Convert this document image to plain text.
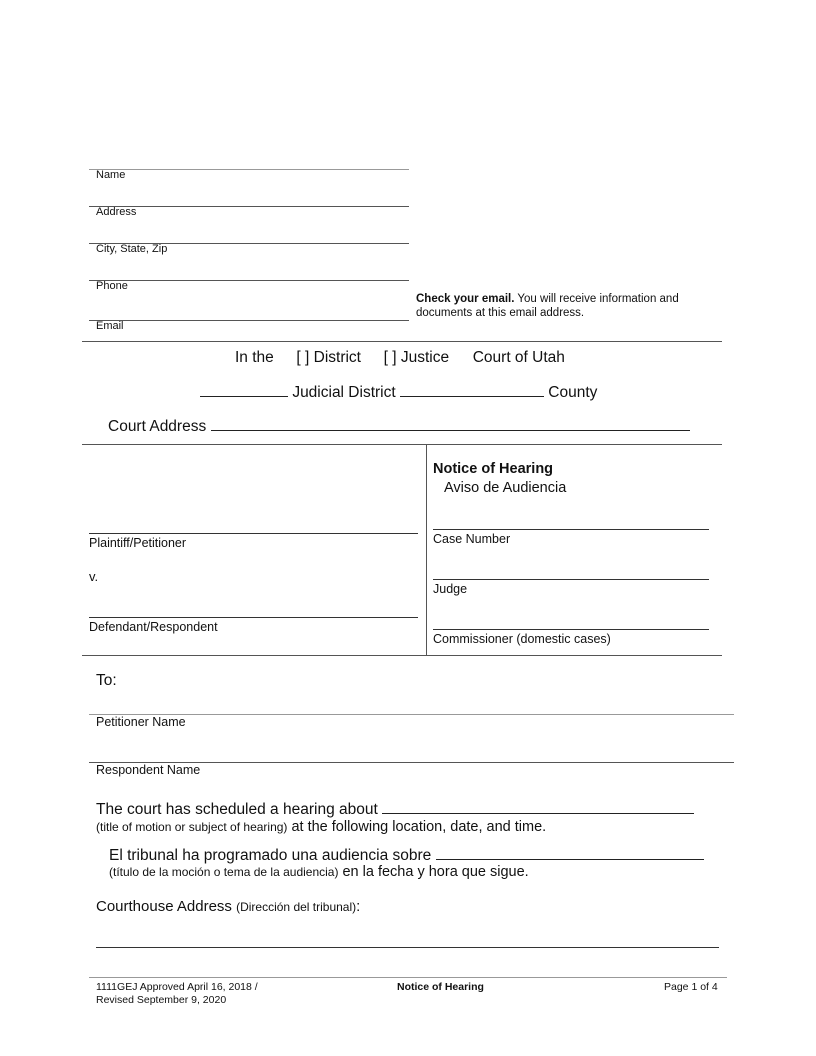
Name
Address
City, State, Zip
Phone
Email
Check your email. You will receive information and
documents at this email address.
In the [ ] District [ ] Justice Court of Utah
Judicial District	County
Court Address
Plaintiff/Petitioner
v.
Defendant/Respondent
Notice of Hearing
Aviso de Audiencia
Case Number
Judge
Commissioner (domestic cases)
To:
Petitioner Name
Respondent Name
The court has scheduled a hearing about
(title of motion or subject of hearing) at the following location, date, and time.
El tribunal ha programado una audiencia sobre
(título de la moción o tema de la audiencia) en la fecha y hora que sigue.
Courthouse Address (Dirección del tribunal):
1111GEJ Approved April 16, 2018 /
Revised September 9, 2020
Notice of Hearing	Page 1 of 4
